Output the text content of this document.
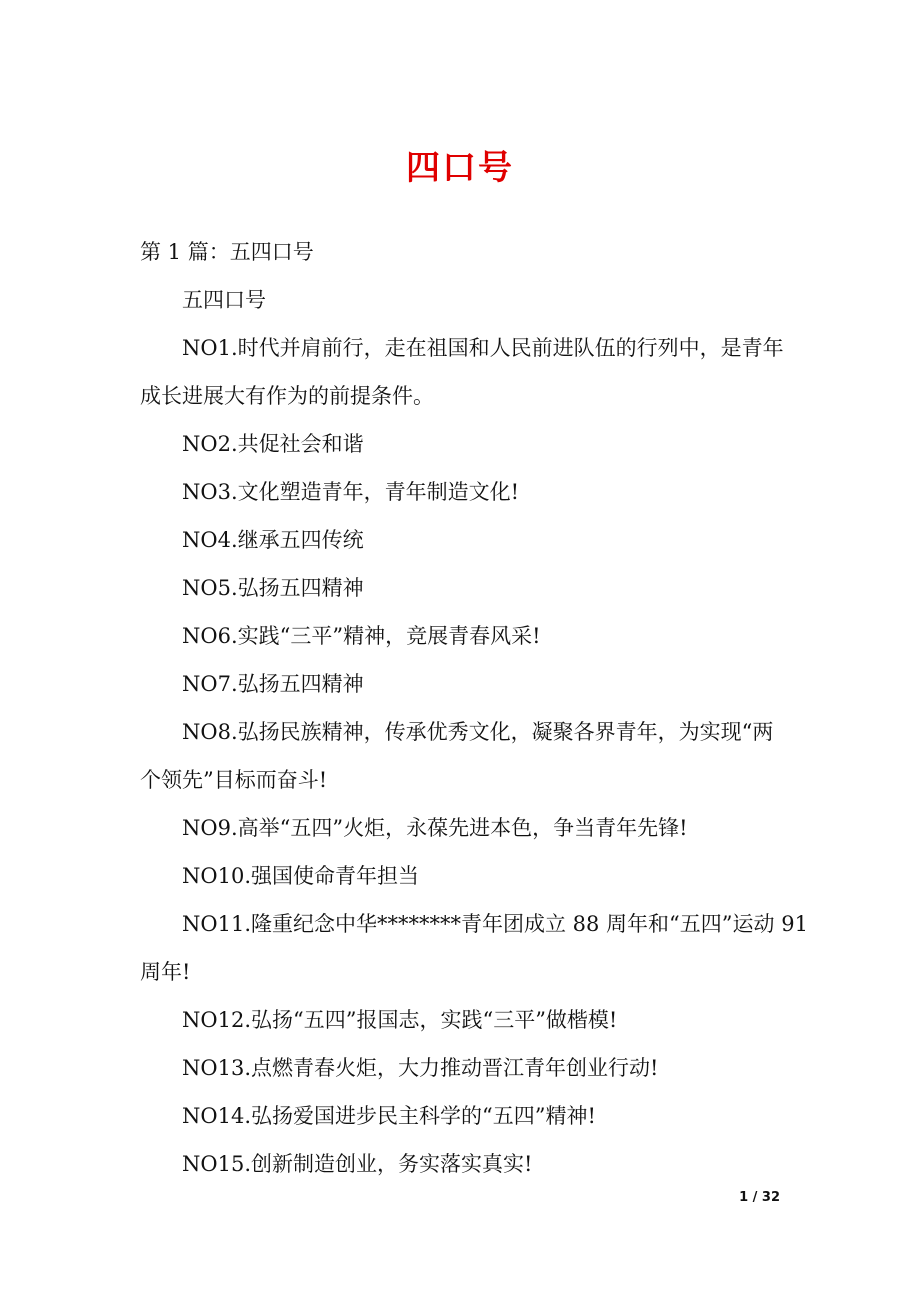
四口号
第 1 篇：五四口号
五四口号
NO1.时代并肩前行，走在祖国和人民前进队伍的行列中，是青年
成长进展大有作为的前提条件。
NO2.共促社会和谐
NO3.文化塑造青年，青年制造文化!
NO4.继承五四传统
NO5.弘扬五四精神
NO6.实践“三平”精神，竞展青春风采!
NO7.弘扬五四精神
NO8.弘扬民族精神，传承优秀文化，凝聚各界青年，为实现“两
个领先”目标而奋斗!
NO9.高举“五四”火炬，永葆先进本色，争当青年先锋!
NO10.强国使命青年担当
NO11.隆重纪念中华********青年团成立 88 周年和“五四”运动 91
周年!
NO12.弘扬“五四”报国志，实践“三平”做楷模!
NO13.点燃青春火炬，大力推动晋江青年创业行动!
NO14.弘扬爱国进步民主科学的“五四”精神!
NO15.创新制造创业，务实落实真实!
1 / 32
